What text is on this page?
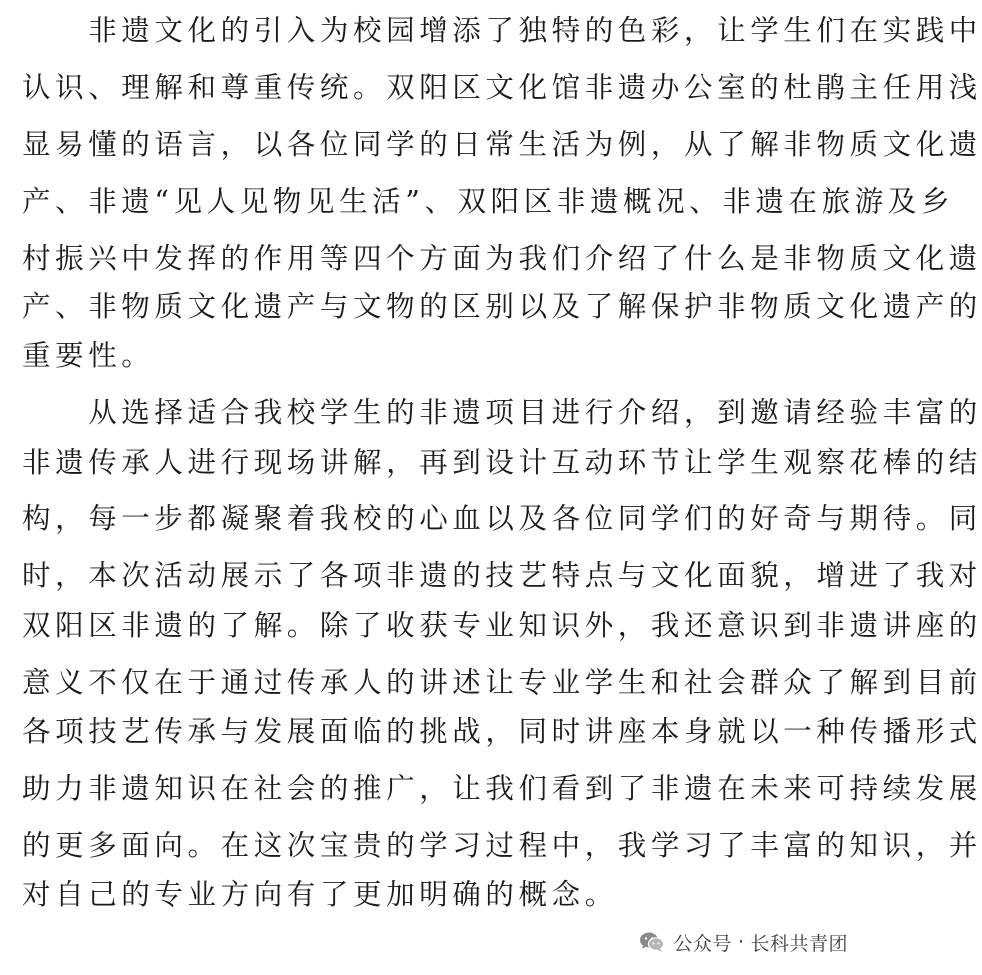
　　非遗文化的引入为校园增添了独特的色彩，让学生们在实践中
认识、理解和尊重传统。双阳区文化馆非遗办公室的杜鹃主任用浅
显易懂的语言，以各位同学的日常生活为例，从了解非物质文化遗
产、非遗“见人见物见生活”、双阳区非遗概况、非遗在旅游及乡
村振兴中发挥的作用等四个方面为我们介绍了什么是非物质文化遗
产、非物质文化遗产与文物的区别以及了解保护非物质文化遗产的
重要性。
　　从选择适合我校学生的非遗项目进行介绍，到邀请经验丰富的
非遗传承人进行现场讲解，再到设计互动环节让学生观察花棒的结
构，每一步都凝聚着我校的心血以及各位同学们的好奇与期待。同
时，本次活动展示了各项非遗的技艺特点与文化面貌，增进了我对
双阳区非遗的了解。除了收获专业知识外，我还意识到非遗讲座的
意义不仅在于通过传承人的讲述让专业学生和社会群众了解到目前
各项技艺传承与发展面临的挑战，同时讲座本身就以一种传播形式
助力非遗知识在社会的推广，让我们看到了非遗在未来可持续发展
的更多面向。在这次宝贵的学习过程中，我学习了丰富的知识，并
对自己的专业方向有了更加明确的概念。
公众号 · 长科共青团
